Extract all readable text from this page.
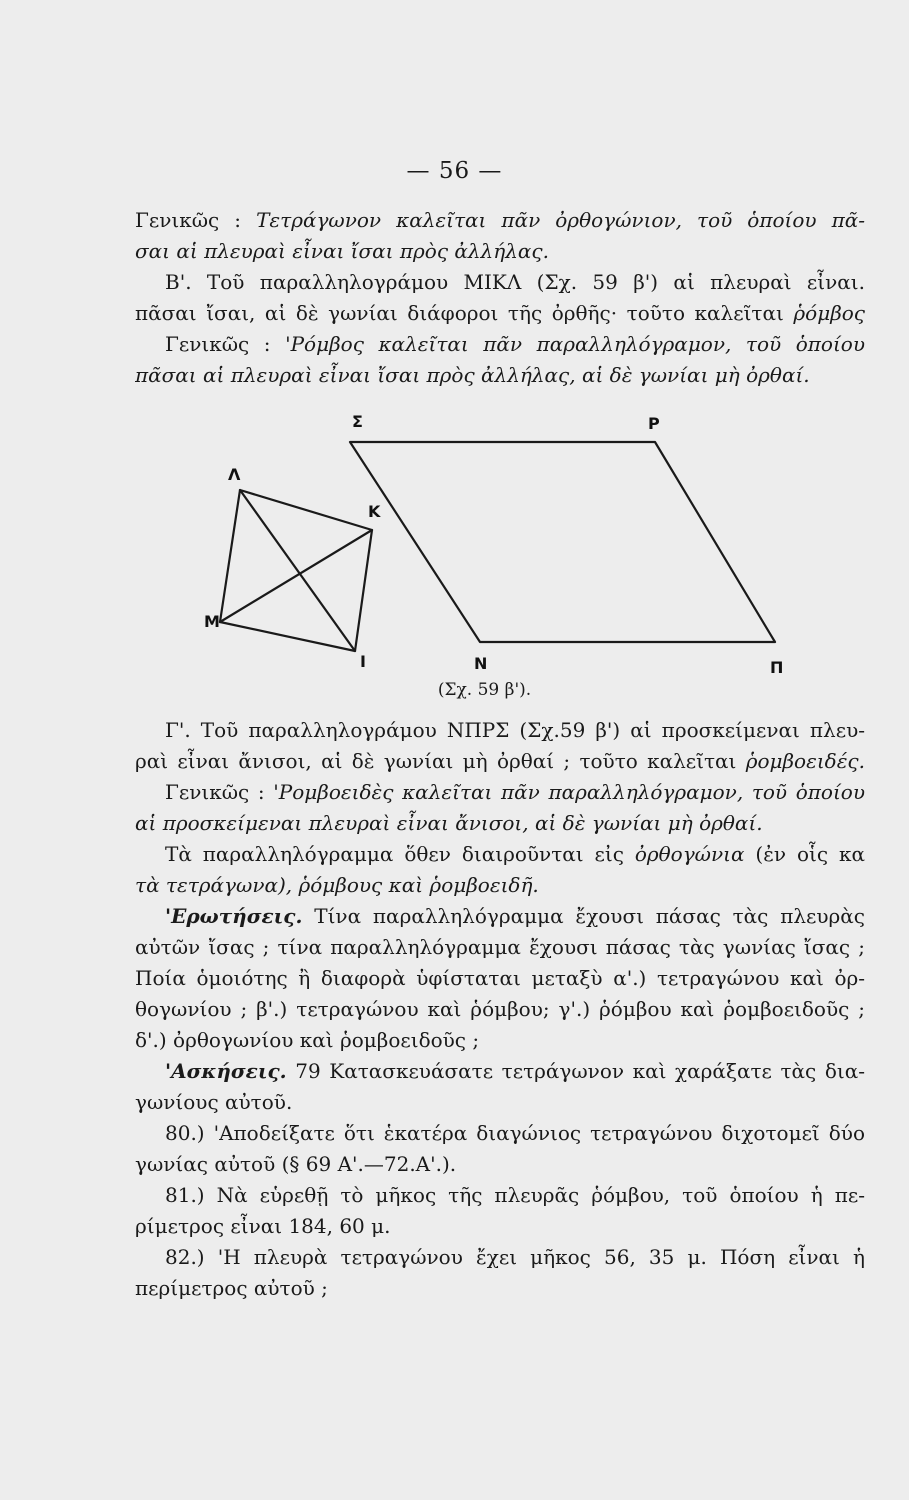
— 56 —
Γενικῶς : Τετράγωνον καλεῖται πᾶν ὀρθογώνιον, τοῦ ὁποίου πᾶ-
σαι αἱ πλευραὶ εἶναι ἴσαι πρὸς ἀλλήλας.
Β'. Τοῦ παραλληλογράμου ΜΙΚΛ (Σχ. 59 β') αἱ πλευραὶ εἶναι.
πᾶσαι ἴσαι, αἱ δὲ γωνίαι διάφοροι τῆς ὀρθῆς· τοῦτο καλεῖται ῥόμβος
Γενικῶς : 'Ρόμβος καλεῖται πᾶν παραλληλόγραμον, τοῦ ὁποίου
πᾶσαι αἱ πλευραὶ εἶναι ἴσαι πρὸς ἀλλήλας, αἱ δὲ γωνίαι μὴ ὀρθαί.
Λ
Κ
Ι
Μ
Σ	Ρ
Π
Ν
(Σχ. 59 β').
Γ'. Τοῦ παραλληλογράμου ΝΠΡΣ (Σχ.59 β') αἱ προσκείμεναι πλευ-
ραὶ εἶναι ἄνισοι, αἱ δὲ γωνίαι μὴ ὀρθαί ; τοῦτο καλεῖται ῥομβοειδές.
Γενικῶς : 'Ρομβοειδὲς καλεῖται πᾶν παραλληλόγραμον, τοῦ ὁποίου
αἱ προσκείμεναι πλευραὶ εἶναι ἄνισοι, αἱ δὲ γωνίαι μὴ ὀρθαί.
Τὰ παραλληλόγραμμα ὅθεν διαιροῦνται εἰς ὀρθογώνια (ἐν οἷς κα
τὰ τετράγωνα), ῥόμβους καὶ ῥομβοειδῆ.
'Ερωτήσεις. Τίνα παραλληλόγραμμα ἔχουσι πάσας τὰς πλευρὰς
αὐτῶν ἴσας ; τίνα παραλληλόγραμμα ἔχουσι πάσας τὰς γωνίας ἴσας ;
Ποία ὁμοιότης ἢ διαφορὰ ὑφίσταται μεταξὺ α'.) τετραγώνου καὶ ὀρ-
θογωνίου ; β'.) τετραγώνου καὶ ῥόμβου; γ'.) ῥόμβου καὶ ῥομβοειδοῦς ;
δ'.) ὀρθογωνίου καὶ ῥομβοειδοῦς ;
'Ασκήσεις. 79 Κατασκευάσατε τετράγωνον καὶ χαράξατε τὰς δια-
γωνίους αὐτοῦ.
80.) 'Αποδείξατε ὅτι ἑκατέρα διαγώνιος τετραγώνου διχοτομεῖ δύο
γωνίας αὐτοῦ (§ 69 Α'.—72.Α'.).
81.) Νὰ εὑρεθῇ τὸ μῆκος τῆς πλευρᾶς ῥόμβου, τοῦ ὁποίου ἡ πε-
ρίμετρος εἶναι 184, 60 μ.
82.) 'Η πλευρὰ τετραγώνου ἔχει μῆκος 56, 35 μ. Πόση εἶναι ἡ
περίμετρος αὐτοῦ ;
